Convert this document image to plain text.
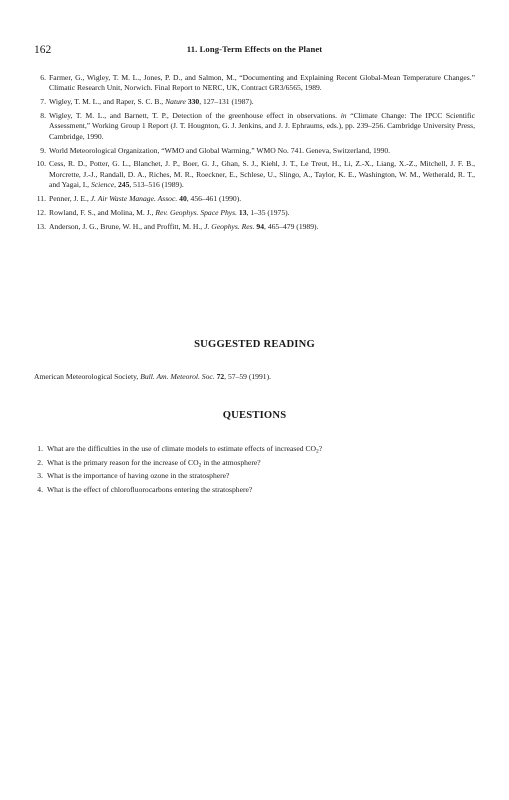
162	11. Long-Term Effects on the Planet
6 . Farmer, G., Wigley, T. M. L., Jones, P. D., and Salmon, M., “Documenting and Explaining Recent Global-Mean Temperature Changes.” Climatic Research Unit, Norwich. Final Report to NERC, UK, Contract GR3/6565, 1989.
7 . Wigley, T. M. L., and Raper, S. C. B., Nature 330, 127–131 (1987).
8 . Wigley, T. M. L., and Barnett, T. P., Detection of the greenhouse effect in observations. in “Climate Change: The IPCC Scientific Assessment,” Working Group 1 Report (J. T. Hougnton, G. J. Jenkins, and J. J. Ephraums, eds.), pp. 239–256. Cambridge University Press, Cambridge, 1990.
9 . World Meteorological Organization, “WMO and Global Warming,” WMO No. 741. Geneva, Switzerland, 1990.
10 . Cess, R. D., Potter, G. L., Blanchet, J. P., Boer, G. J., Ghan, S. J., Kiehl, J. T., Le Treut, H., Li, Z.-X., Liang, X.-Z., Mitchell, J. F. B., Morcrette, J.-J., Randall, D. A., Riches, M. R., Roeckner, E., Schlese, U., Slingo, A., Taylor, K. E., Washington, W. M., Wetherald, R. T., and Yagai, I., Science, 245, 513–516 (1989).
11 . Penner, J. E., J. Air Waste Manage. Assoc. 40, 456–461 (1990).
12 . Rowland, F. S., and Molina, M. J., Rev. Geophys. Space Phys. 13, 1–35 (1975).
13 . Anderson, J. G., Brune, W. H., and Proffitt, M. H., J. Geophys. Res. 94, 465–479 (1989).
SUGGESTED READING
American Meteorological Society, Bull. Am. Meteorol. Soc. 72, 57–59 (1991).
QUESTIONS
1 . What are the difficulties in the use of climate models to estimate effects of increased $CO_2$?
2 . What is the primary reason for the increase of $CO_2$ in the atmosphere?
3 . What is the importance of having ozone in the stratosphere?
4 . What is the effect of chlorofluorocarbons entering the stratosphere?
